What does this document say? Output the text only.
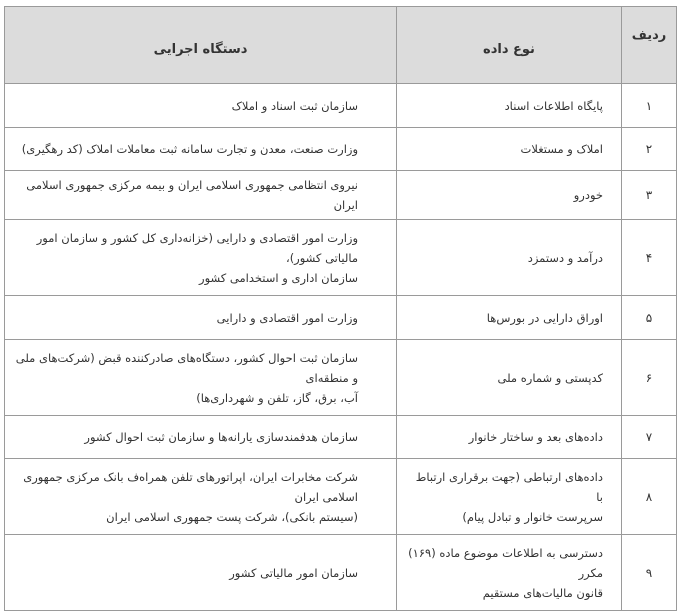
ردیف	نوع داده	دستگاه اجرایی
۱	پایگاه اطلاعات اسناد	سازمان ثبت اسناد و املاک

۲	املاک و مستغلات	وزارت صنعت، معدن و تجارت سامانه ثبت معاملات املاک (کد رهگیری)

۳	خودرو	نیروی انتظامی جمهوری اسلامی ایران و بیمه مرکزی جمهوری اسلامی ایران

۴	درآمد و دستمزد	وزارت امور اقتصادی و دارایی (خزانه‌داری کل کشور و سازمان امور مالیاتی کشور)،
سازمان اداری و استخدامی کشور

۵	اوراق دارایی در بورس‌ها	وزارت امور اقتصادی و دارایی

۶	کدپستی و شماره ملی	سازمان ثبت احوال کشور، دستگاه‌های صادرکننده قبض (شرکت‌های ملی و منطقه‌ای
آب، برق، گاز، تلفن و شهرداری‌ها)

۷	داده‌های بعد و ساختار خانوار	سازمان هدفمندسازی یارانه‌ها و سازمان ثبت احوال کشور

۸	داده‌های ارتباطی (جهت برقراری ارتباط با
سرپرست خانوار و تبادل پیام)	شرکت مخابرات ایران، اپراتورهای تلفن همراه‌ف بانک مرکزی جمهوری اسلامی ایران
(سیستم بانکی)، شرکت پست جمهوری اسلامی ایران

۹	دسترسی به اطلاعات موضوع ماده (۱۶۹) مکرر
قانون مالیات‌های مستقیم	سازمان امور مالیاتی کشور
